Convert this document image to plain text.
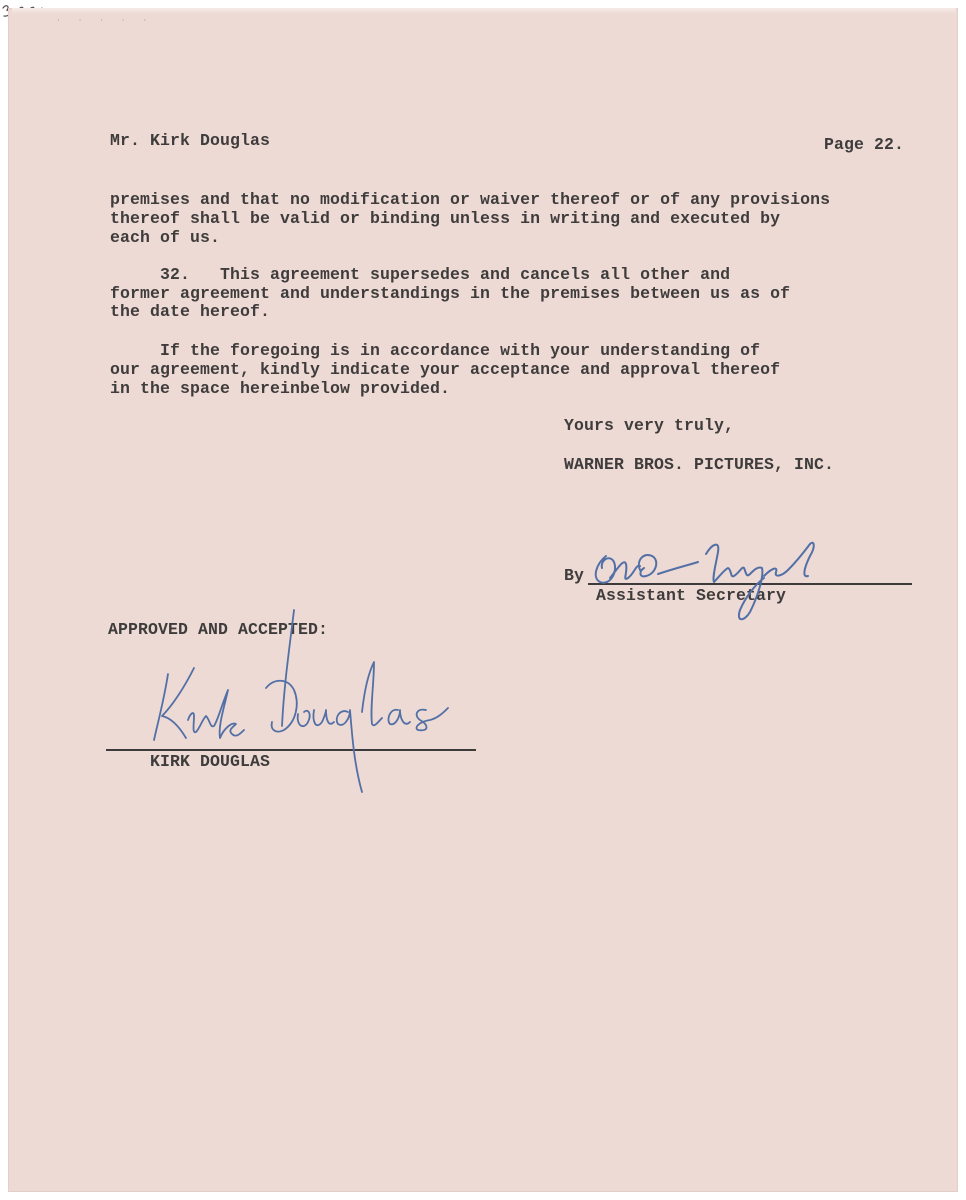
· · · · ·
Mr. Kirk Douglas	Page 22.
premises and that no modification or waiver thereof or of any provisions
thereof shall be valid or binding unless in writing and executed by
each of us.
32.   This agreement supersedes and cancels all other and
former agreement and understandings in the premises between us as of
the date hereof.
If the foregoing is in accordance with your understanding of
our agreement, kindly indicate your acceptance and approval thereof
in the space hereinbelow provided.
Yours very truly,
WARNER BROS. PICTURES, INC.
By
Assistant Secretary
APPROVED AND ACCEPTED:
KIRK DOUGLAS
